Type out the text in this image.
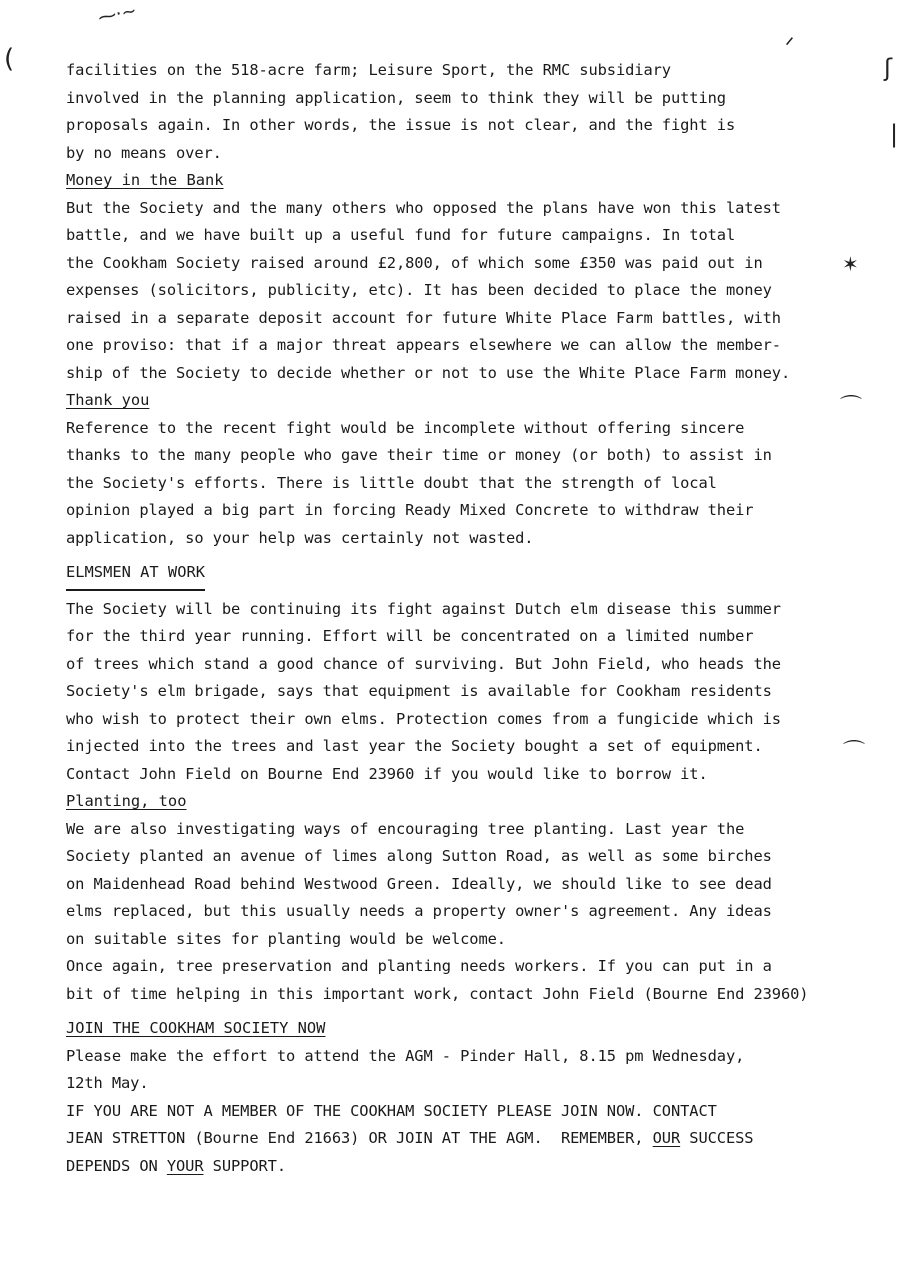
⁓·~
(	ᐟ
ʃ
|
✶
⌒
⌒
facilities on the 518-acre farm; Leisure Sport, the RMC subsidiary
involved in the planning application, seem to think they will be putting
proposals again. In other words, the issue is not clear, and the fight is
by no means over.
Money in the Bank
But the Society and the many others who opposed the plans have won this latest
battle, and we have built up a useful fund for future campaigns. In total
the Cookham Society raised around £2,800, of which some £350 was paid out in
expenses (solicitors, publicity, etc). It has been decided to place the money
raised in a separate deposit account for future White Place Farm battles, with
one proviso: that if a major threat appears elsewhere we can allow the member-
ship of the Society to decide whether or not to use the White Place Farm money.
Thank you
Reference to the recent fight would be incomplete without offering sincere
thanks to the many people who gave their time or money (or both) to assist in
the Society's efforts. There is little doubt that the strength of local
opinion played a big part in forcing Ready Mixed Concrete to withdraw their
application, so your help was certainly not wasted.
ELMSMEN AT WORK
The Society will be continuing its fight against Dutch elm disease this summer
for the third year running. Effort will be concentrated on a limited number
of trees which stand a good chance of surviving. But John Field, who heads the
Society's elm brigade, says that equipment is available for Cookham residents
who wish to protect their own elms. Protection comes from a fungicide which is
injected into the trees and last year the Society bought a set of equipment.
Contact John Field on Bourne End 23960 if you would like to borrow it.
Planting, too
We are also investigating ways of encouraging tree planting. Last year the
Society planted an avenue of limes along Sutton Road, as well as some birches
on Maidenhead Road behind Westwood Green. Ideally, we should like to see dead
elms replaced, but this usually needs a property owner's agreement. Any ideas
on suitable sites for planting would be welcome.
Once again, tree preservation and planting needs workers. If you can put in a
bit of time helping in this important work, contact John Field (Bourne End 23960)
JOIN THE COOKHAM SOCIETY NOW
Please make the effort to attend the AGM - Pinder Hall, 8.15 pm Wednesday,
12th May.
IF YOU ARE NOT A MEMBER OF THE COOKHAM SOCIETY PLEASE JOIN NOW. CONTACT
JEAN STRETTON (Bourne End 21663) OR JOIN AT THE AGM.  REMEMBER, OUR SUCCESS
DEPENDS ON YOUR SUPPORT.
